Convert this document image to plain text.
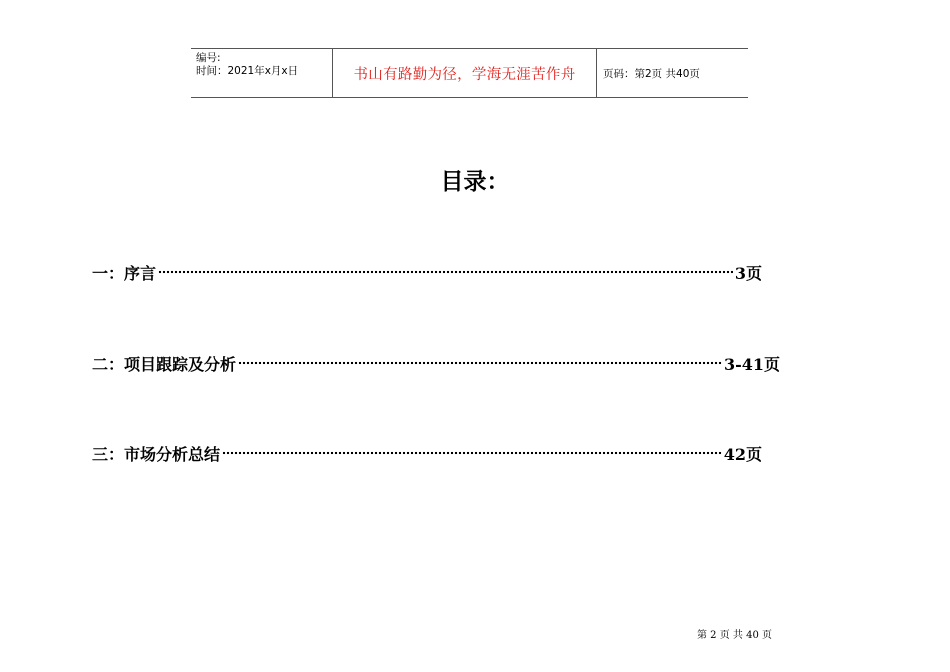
编号:
时间：2021年x月x日	书山有路勤为径，学海无涯苦作舟	页码：第2页 共40页
目录：
一：序言	3页
二：项目跟踪及分析	3-41页
三：市场分析总结	42页
第 2 页 共 40 页
